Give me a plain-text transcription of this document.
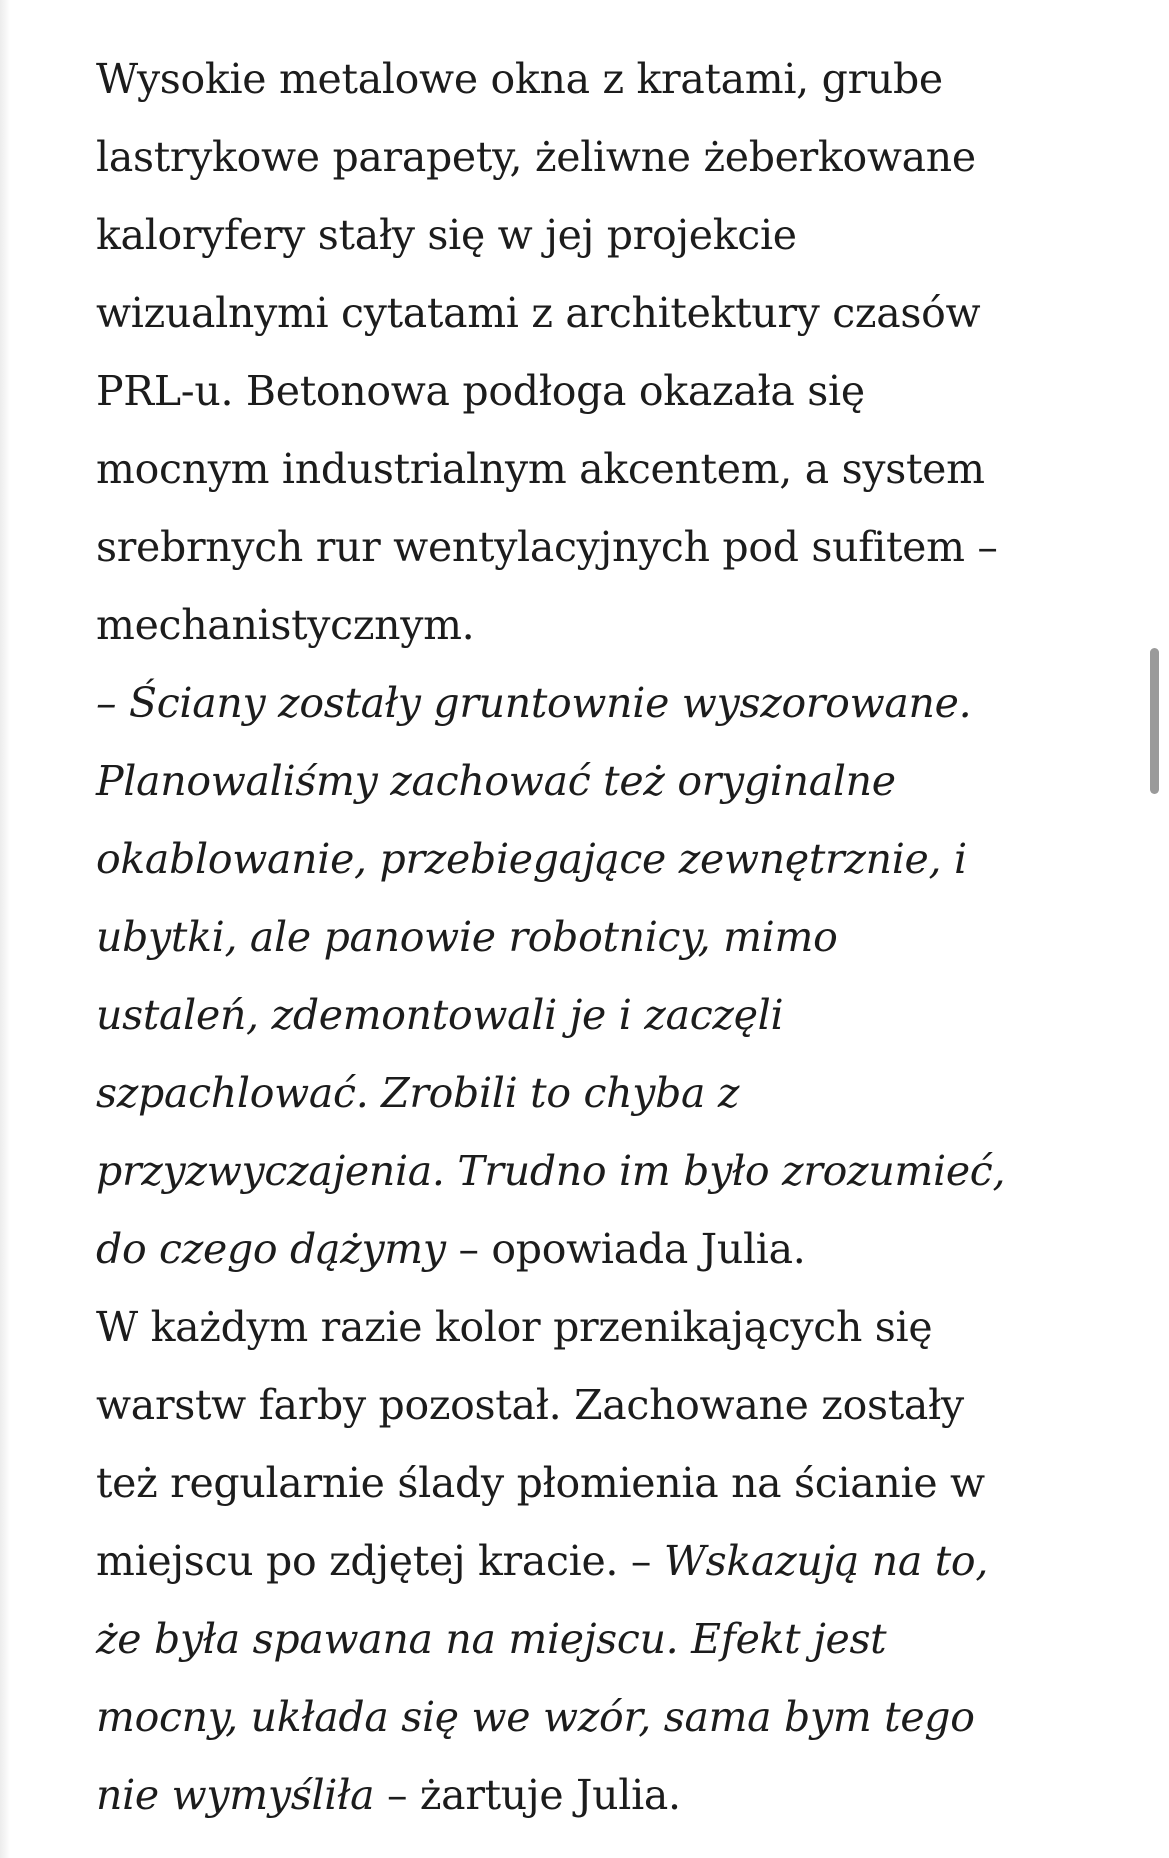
Wysokie metalowe okna z kratami, grube

lastrykowe parapety, żeliwne żeberkowane

kaloryfery stały się w jej projekcie

wizualnymi cytatami z architektury czasów

PRL-u. Betonowa podłoga okazała się

mocnym industrialnym akcentem, a system

srebrnych rur wentylacyjnych pod sufitem –

mechanistycznym.

– Ściany zostały gruntownie wyszorowane.

Planowaliśmy zachować też oryginalne

okablowanie, przebiegające zewnętrznie, i

ubytki, ale panowie robotnicy, mimo

ustaleń, zdemontowali je i zaczęli

szpachlować. Zrobili to chyba z

przyzwyczajenia. Trudno im było zrozumieć,

do czego dążymy – opowiada Julia.

W każdym razie kolor przenikających się

warstw farby pozostał. Zachowane zostały

też regularnie ślady płomienia na ścianie w

miejscu po zdjętej kracie. – Wskazują na to,

że była spawana na miejscu. Efekt jest

mocny, układa się we wzór, sama bym tego

nie wymyśliła – żartuje Julia.
